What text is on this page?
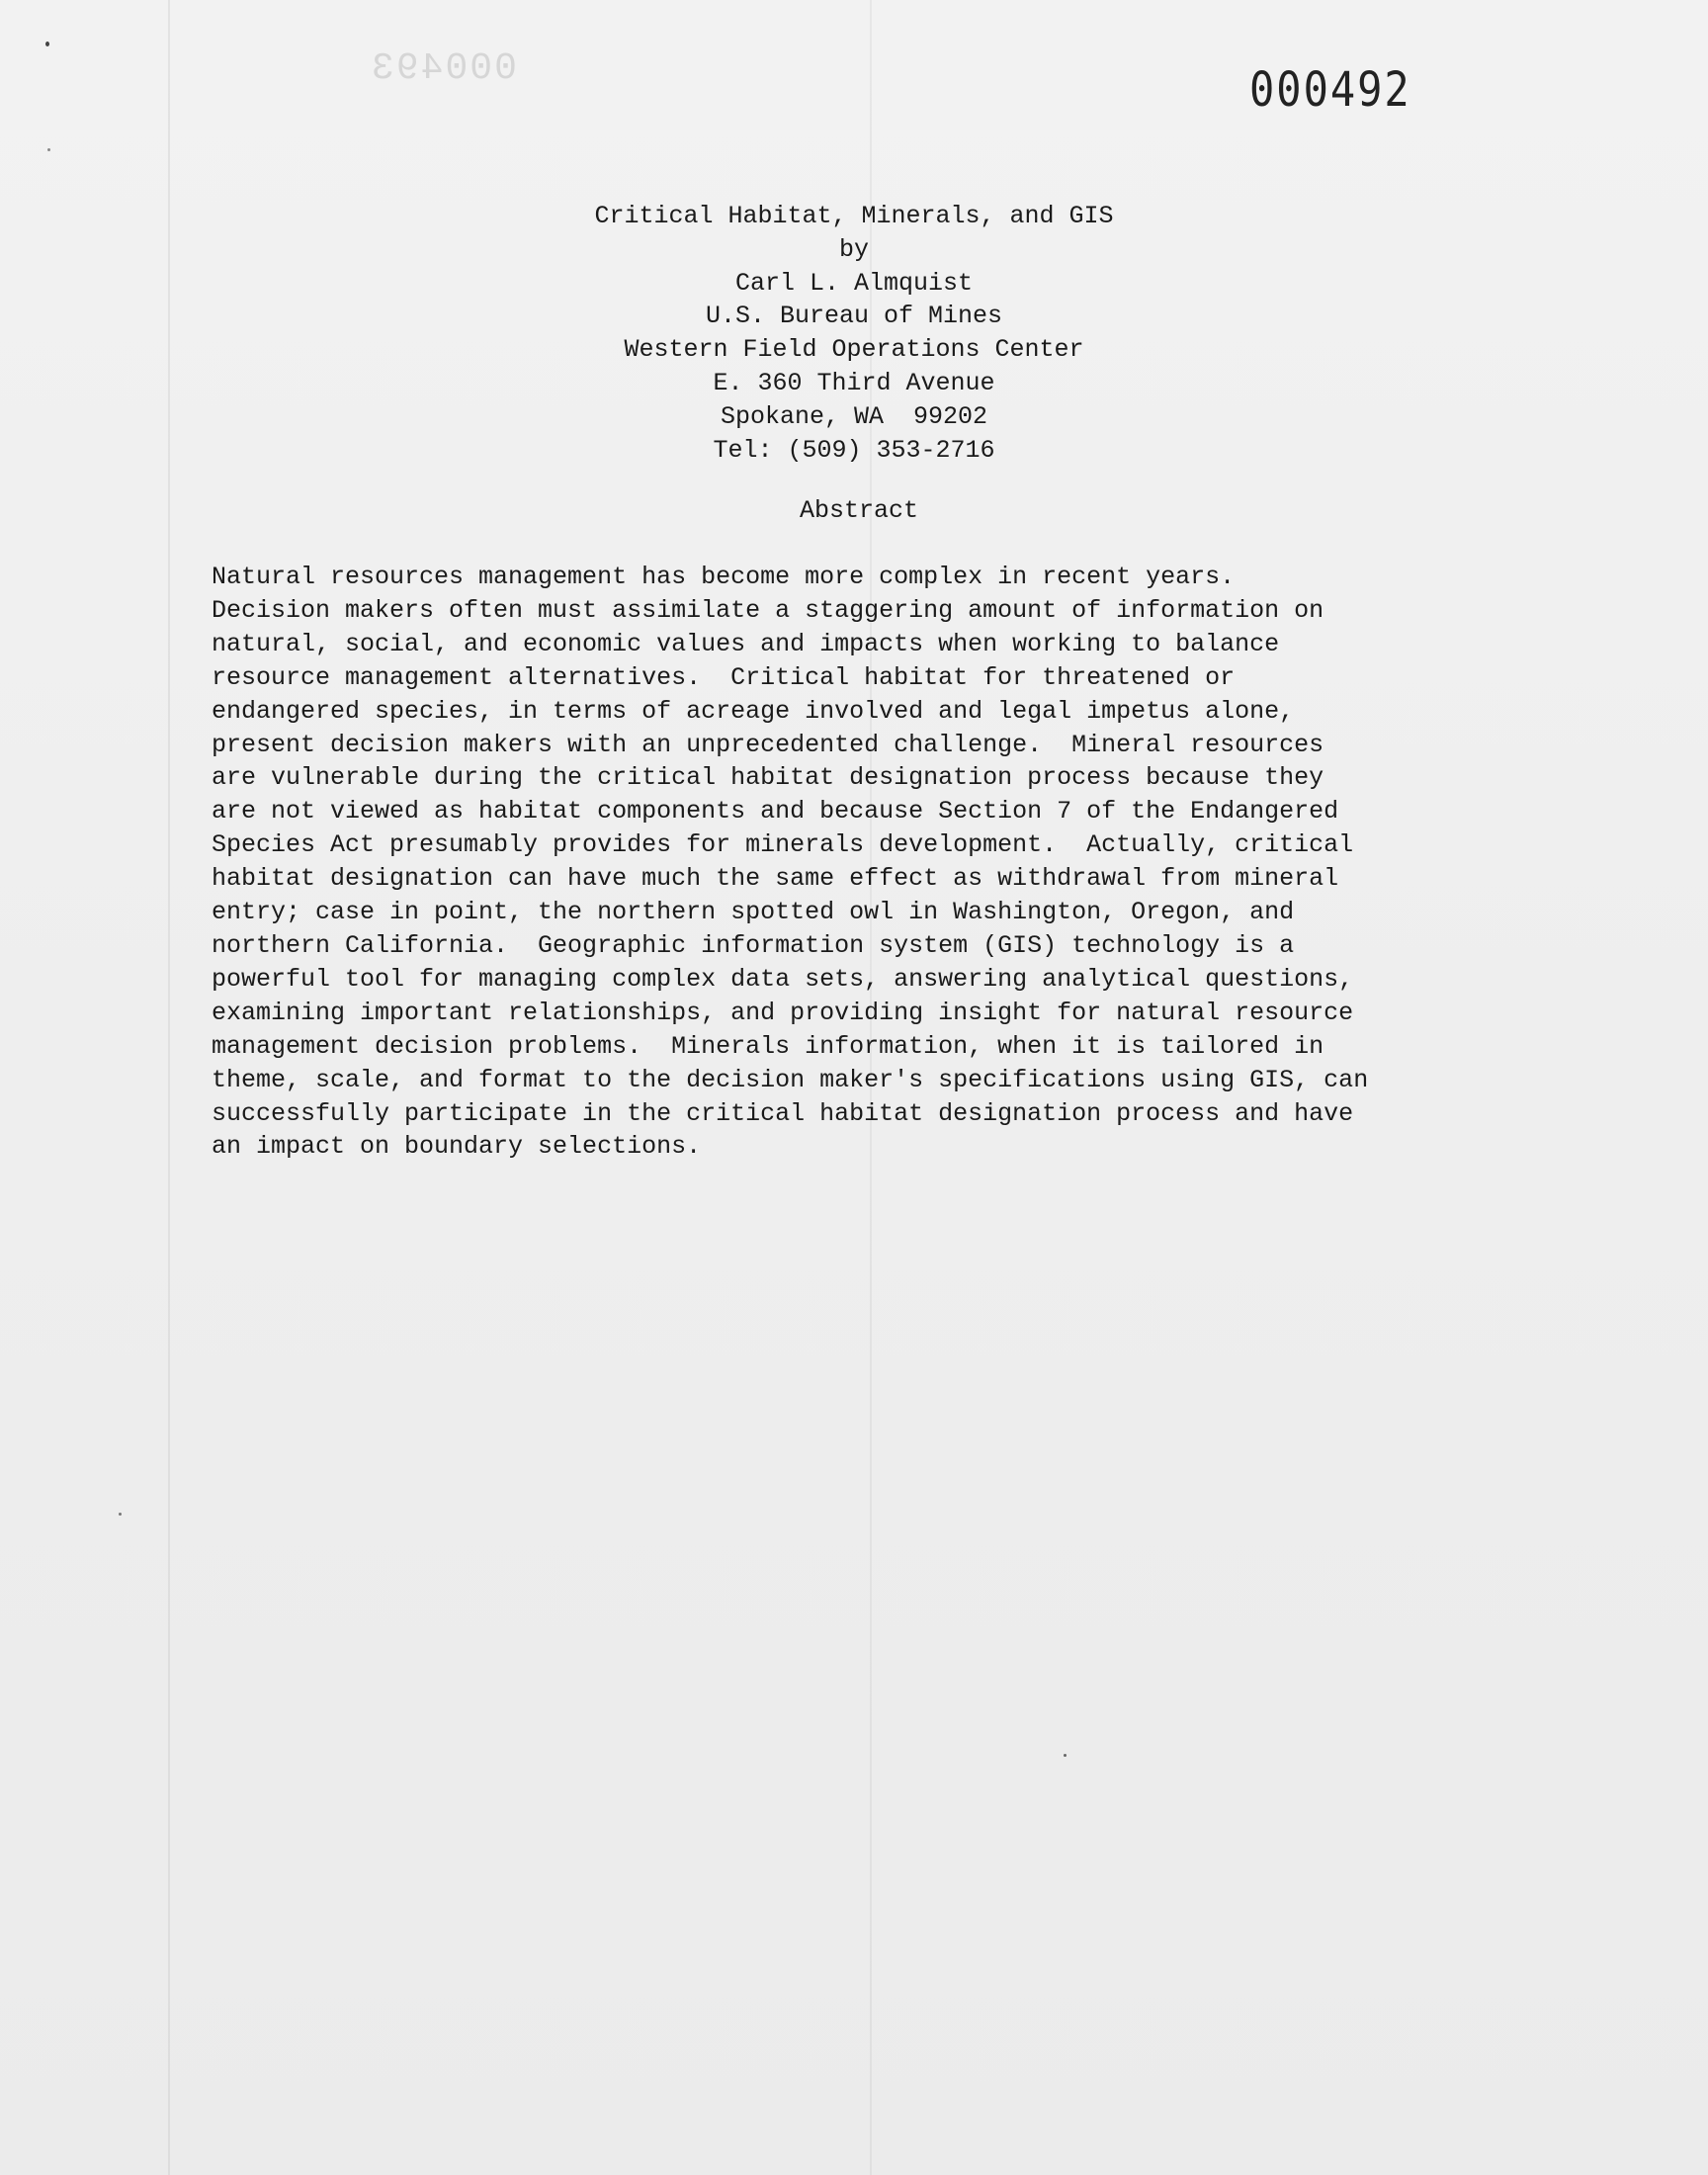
000493	000492
Critical Habitat, Minerals, and GIS
by
Carl L. Almquist
U.S. Bureau of Mines
Western Field Operations Center
E. 360 Third Avenue
Spokane, WA  99202
Tel: (509) 353-2716
Abstract
Natural resources management has become more complex in recent years.
Decision makers often must assimilate a staggering amount of information on
natural, social, and economic values and impacts when working to balance
resource management alternatives.  Critical habitat for threatened or
endangered species, in terms of acreage involved and legal impetus alone,
present decision makers with an unprecedented challenge.  Mineral resources
are vulnerable during the critical habitat designation process because they
are not viewed as habitat components and because Section 7 of the Endangered
Species Act presumably provides for minerals development.  Actually, critical
habitat designation can have much the same effect as withdrawal from mineral
entry; case in point, the northern spotted owl in Washington, Oregon, and
northern California.  Geographic information system (GIS) technology is a
powerful tool for managing complex data sets, answering analytical questions,
examining important relationships, and providing insight for natural resource
management decision problems.  Minerals information, when it is tailored in
theme, scale, and format to the decision maker's specifications using GIS, can
successfully participate in the critical habitat designation process and have
an impact on boundary selections.
